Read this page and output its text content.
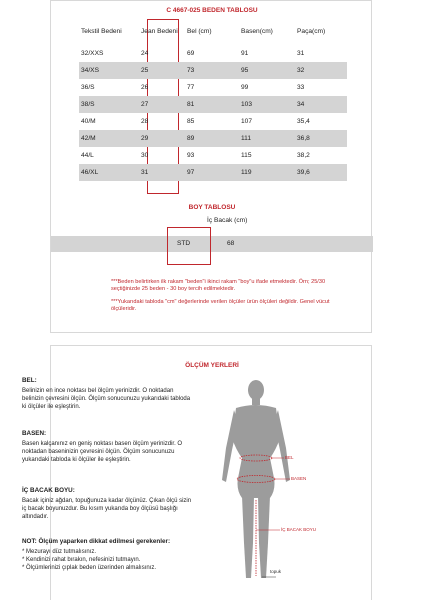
C 4667-025 BEDEN TABLOSU
Tekstil Bedeni	Jean Bedeni	Bel (cm)	Basen(cm)	Paça(cm)
32/XXS	24	69	91	31
34/XS	25	73	95	32
36/S	26	77	99	33
38/S	27	81	103	34
40/M	28	85	107	35,4
42/M	29	89	111	36,8
44/L	30	93	115	38,2
46/XL	31	97	119	39,6
BOY TABLOSU
İç Bacak (cm)
STD	68
***Beden belirtirken ilk rakam "beden"i ikinci rakam "boy"u ifade etmektedir. Örn; 25/30 seçtiğinizde 25 beden - 30 boy tercih edilmektedir.
***Yukarıdaki tabloda "cm" değerlerinde verilen ölçüler ürün ölçüleri değildir. Genel vücut ölçüleridir.
ÖLÇÜM YERLERİ
BEL:
Belinizin en ince noktası bel ölçüm yerinizdir. O noktadan belinizin çevresini ölçün. Ölçüm sonucunuzu yukarıdaki tabloda ki ölçüler ile eşleştirin.
BASEN:
Basen kalçanınız en geniş noktası basen ölçüm yerinizdir. O noktadan baseninizin çevresini ölçün. Ölçüm sonucunuzu yukarıdaki tabloda ki ölçüler ile eşleştirin.
İÇ BACAK BOYU:
Bacak içiniz ağdan, topuğunuza kadar ölçünüz. Çıkan ölçü sizin iç bacak boyunuzdur. Bu kısım yukarıda boy ölçüsü başlığı altındadır.
NOT: Ölçüm yaparken dikkat edilmesi gerekenler:
* Mezurayı düz tutmalısınız.
* Kendinizi rahat bırakın, nefesinizi tutmayın.
* Ölçümlerinizi çıplak beden üzerinden almalısınız.
BEL
BASEN
İÇ BACAK BOYU
topuk
